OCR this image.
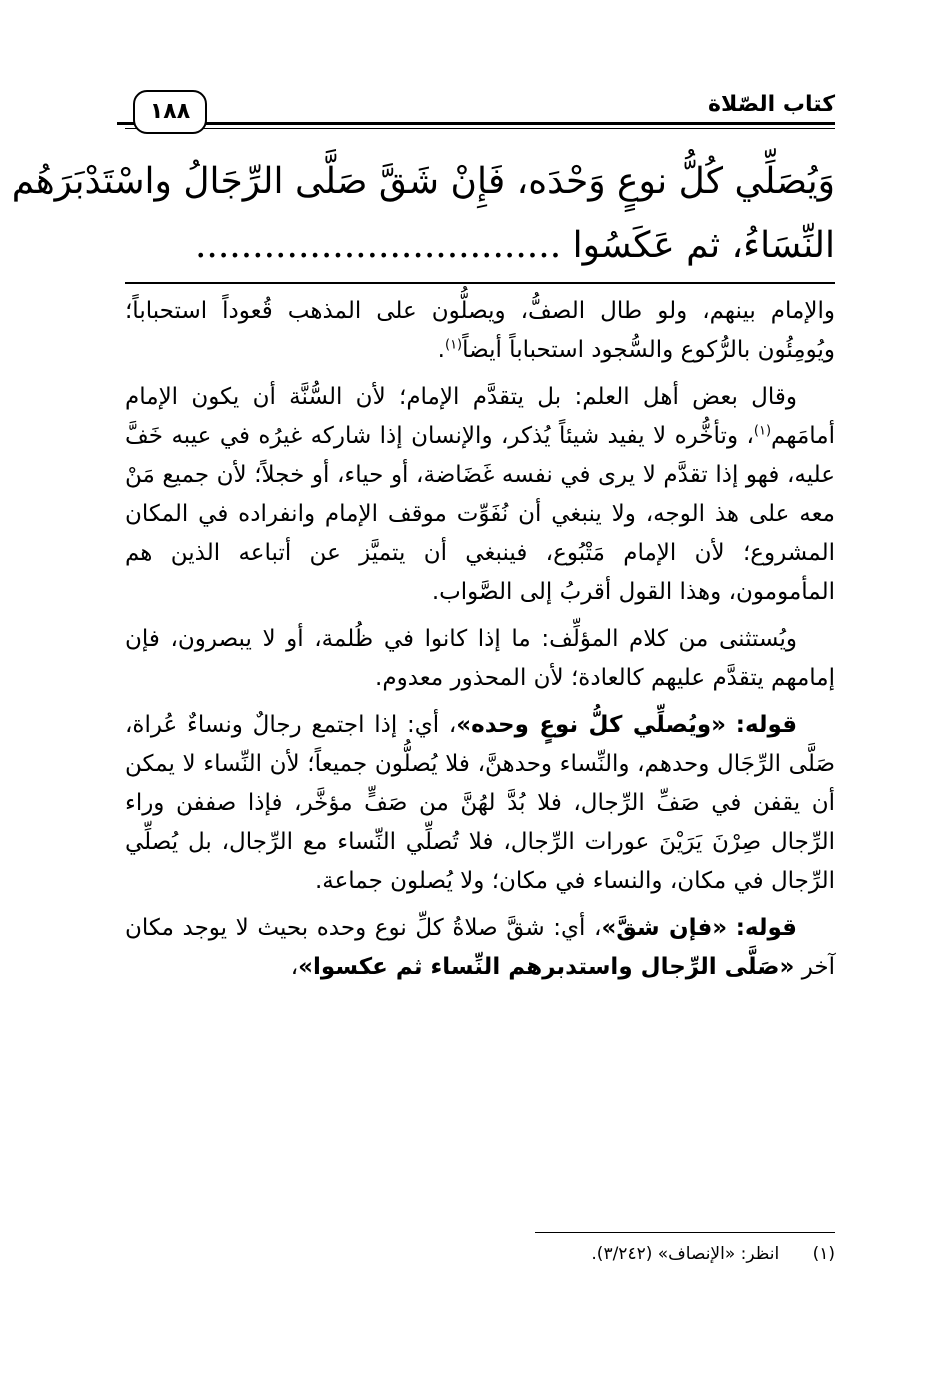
كتاب الصّلاة
١٨٨
وَيُصَلِّي كُلُّ نوعٍ وَحْدَه، فَإِنْ شَقَّ صَلَّى الرِّجَالُ واسْتَدْبَرَهُم
النِّسَاءُ، ثم عَكَسُوا ................................

والإمام بينهم، ولو طال الصفُّ، ويصلُّون على المذهب قُعوداً استحباباً؛ ويُومِئُون بالرُّكوع والسُّجود استحباباً أيضاً$^{(١)}$.

وقال بعض أهل العلم: بل يتقدَّم الإمام؛ لأن السُّنَّة أن يكون الإمام أمامَهم$^{(١)}$، وتأخُّره لا يفيد شيئاً يُذكر، والإنسان إذا شاركه غيرُه في عيبه خَفَّ عليه، فهو إذا تقدَّم لا يرى في نفسه غَضَاضة، أو حياء، أو خجلاً؛ لأن جميع مَنْ معه على هذ الوجه، ولا ينبغي أن نُفَوِّت موقف الإمام وانفراده في المكان المشروع؛ لأن الإمام مَتْبُوع، فينبغي أن يتميَّز عن أتباعه الذين هم المأمومون، وهذا القول أقربُ إلى الصَّواب.

ويُستثنى من كلام المؤلِّف: ما إذا كانوا في ظُلمة، أو لا يبصرون، فإن إمامهم يتقدَّم عليهم كالعادة؛ لأن المحذور معدوم.

قوله: «ويُصلِّي كلُّ نوعٍ وحده»، أي: إذا اجتمع رجالٌ ونساءٌ عُراة، صَلَّى الرِّجَال وحدهم، والنِّساء وحدهنَّ، فلا يُصلُّون جميعاً؛ لأن النِّساء لا يمكن أن يقفن في صَفِّ الرِّجال، فلا بُدَّ لهُنَّ من صَفٍّ مؤخَّر، فإذا صففن وراء الرِّجال صِرْنَ يَرَيْنَ عورات الرِّجال، فلا تُصلِّي النِّساء مع الرِّجال، بل يُصلِّي الرِّجال في مكان، والنساء في مكان؛ ولا يُصلون جماعة.

قوله: «فإن شقَّ»، أي: شقَّ صلاةُ كلِّ نوع وحده بحيث لا يوجد مكان آخر «صَلَّى الرِّجال واستدبرهم النِّساء ثم عكسوا»،

(١) انظر: «الإنصاف» (٣/٢٤٢).
